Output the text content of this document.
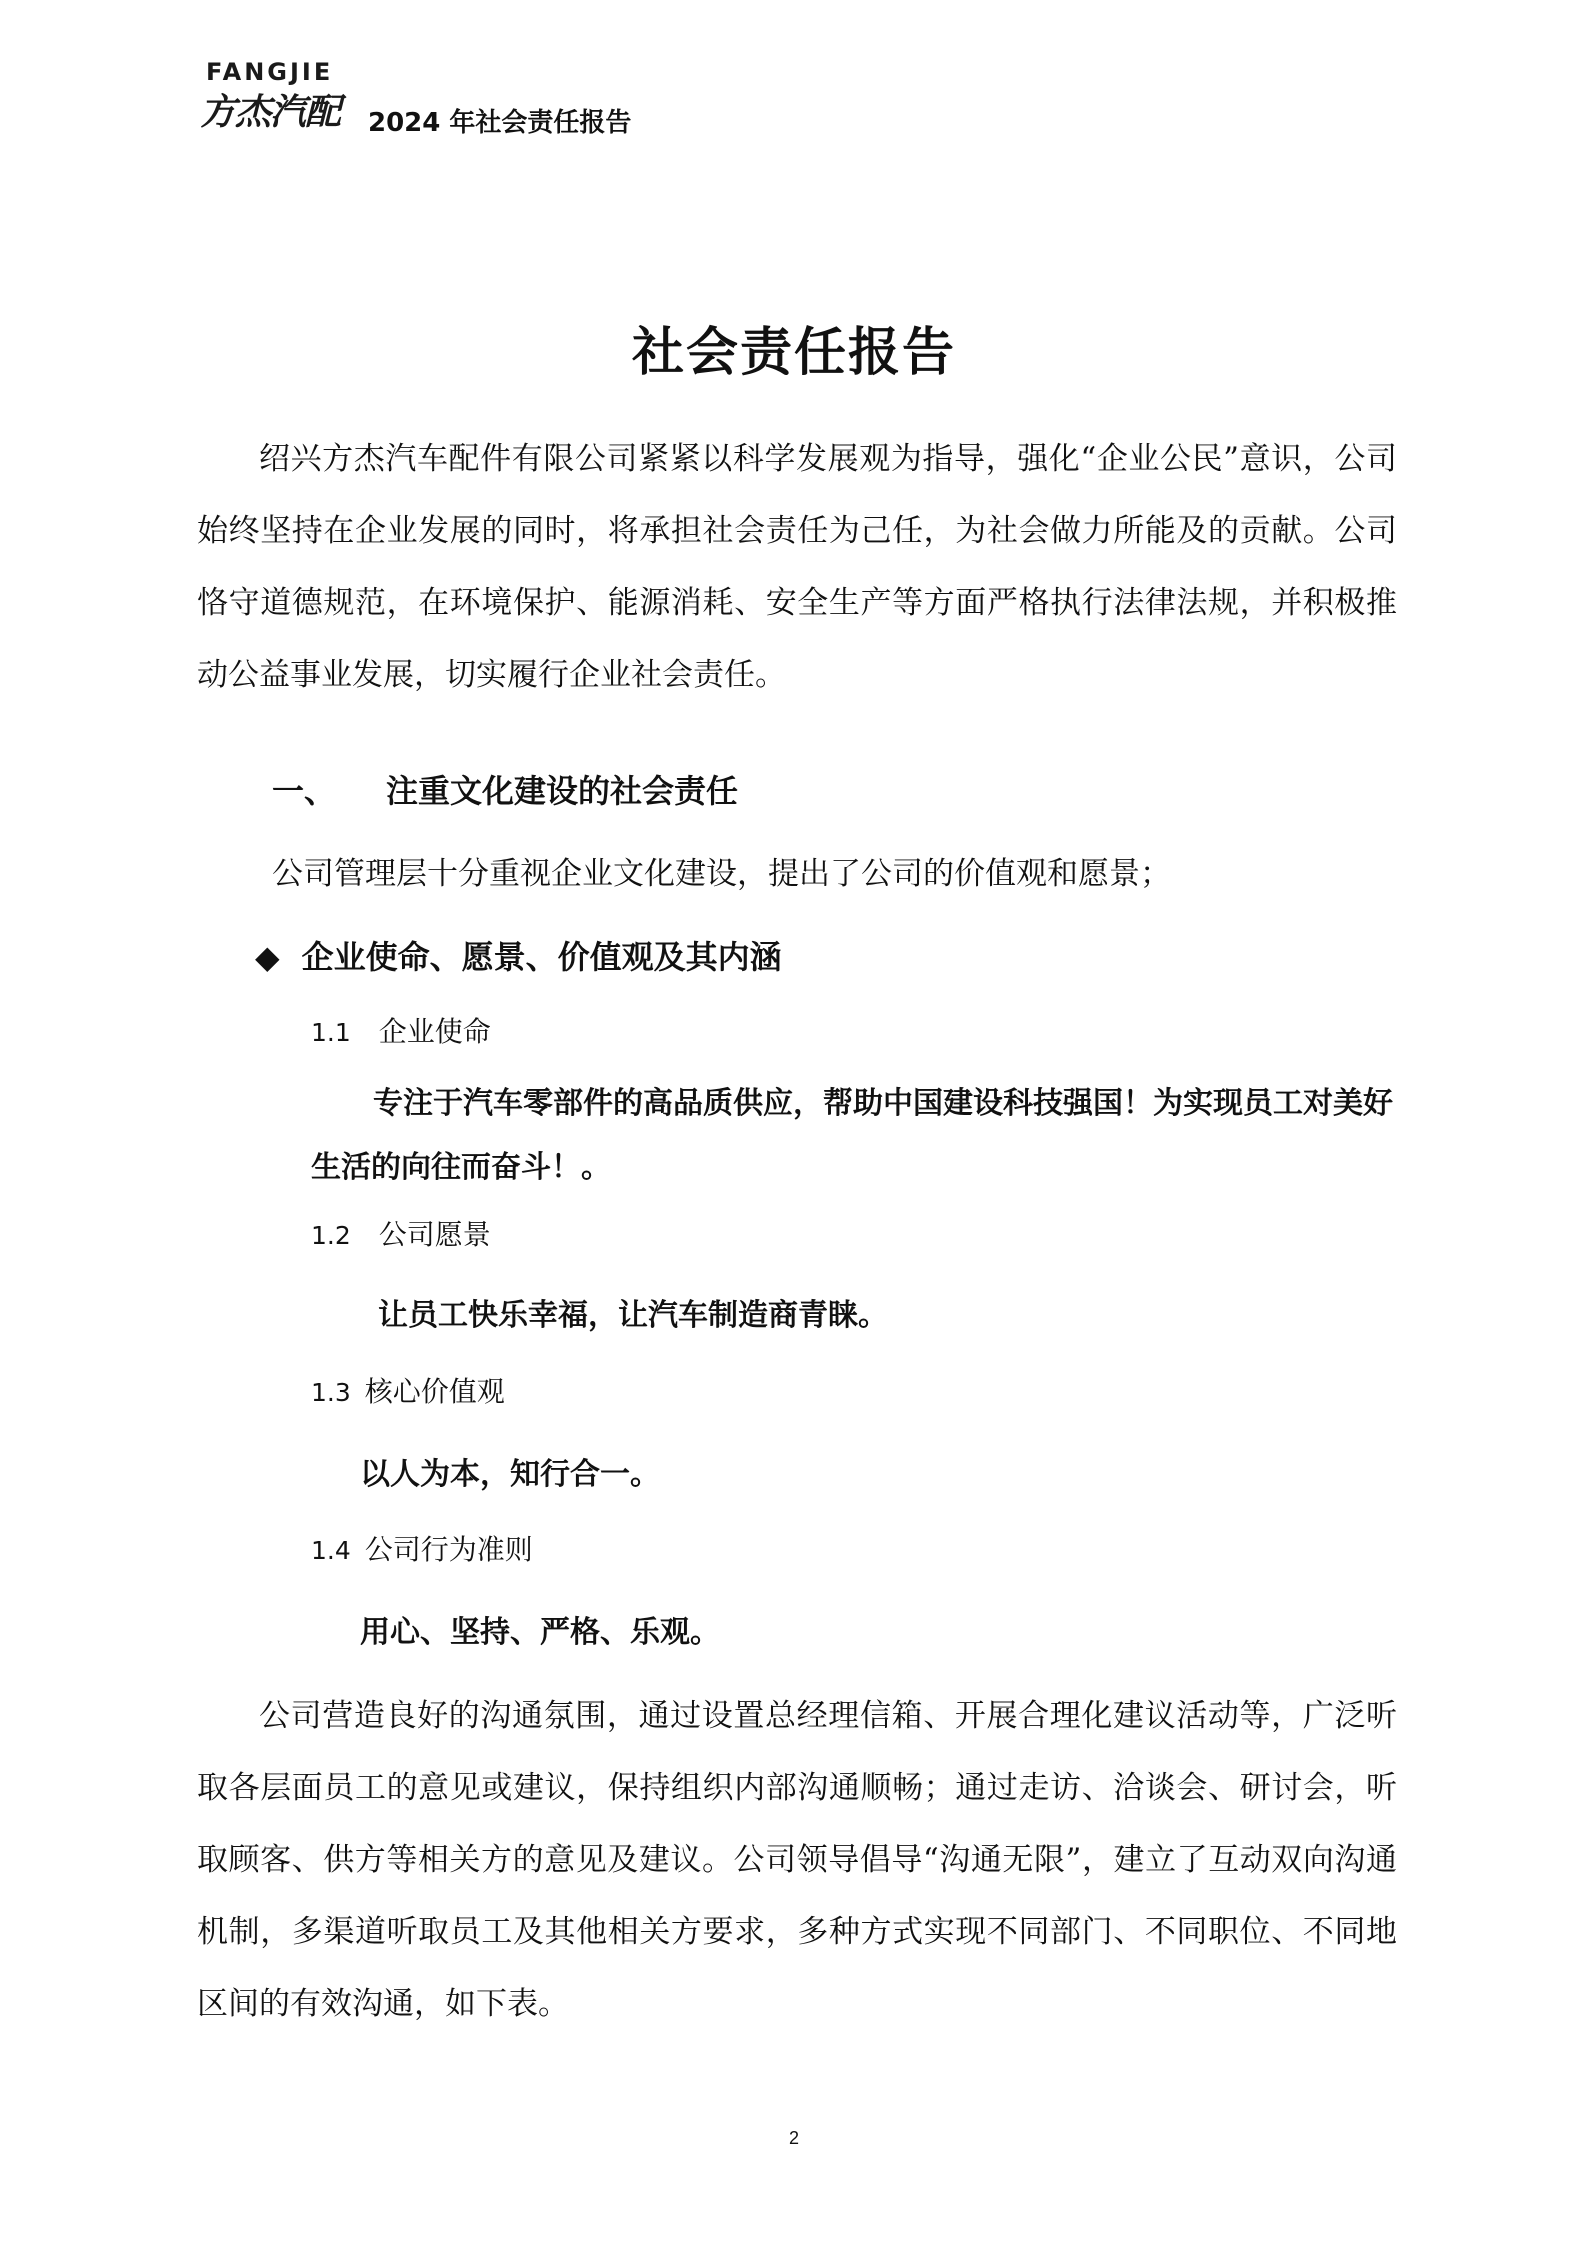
FANGJIE
方杰汽配 2024 年社会责任报告
社会责任报告

绍兴方杰汽车配件有限公司紧紧以科学发展观为指导，强化“企业公民”意识，公司始终坚持在企业发展的同时，将承担社会责任为己任，为社会做力所能及的贡献。公司恪守道德规范，在环境保护、能源消耗、安全生产等方面严格执行法律法规，并积极推动公益事业发展，切实履行企业社会责任。

一、 注重文化建设的社会责任
公司管理层十分重视企业文化建设，提出了公司的价值观和愿景；
◆ 企业使命、愿景、价值观及其内涵
1.1 企业使命
专注于汽车零部件的高品质供应，帮助中国建设科技强国！为实现员工对美好生活的向往而奋斗！。
1.2 公司愿景
让员工快乐幸福，让汽车制造商青睐。
1.3 核心价值观
以人为本，知行合一。
1.4 公司行为准则
用心、坚持、严格、乐观。

公司营造良好的沟通氛围，通过设置总经理信箱、开展合理化建议活动等，广泛听取各层面员工的意见或建议，保持组织内部沟通顺畅；通过走访、洽谈会、研讨会，听取顾客、供方等相关方的意见及建议。公司领导倡导“沟通无限”，建立了互动双向沟通机制，多渠道听取员工及其他相关方要求，多种方式实现不同部门、不同职位、不同地区间的有效沟通，如下表。

2
